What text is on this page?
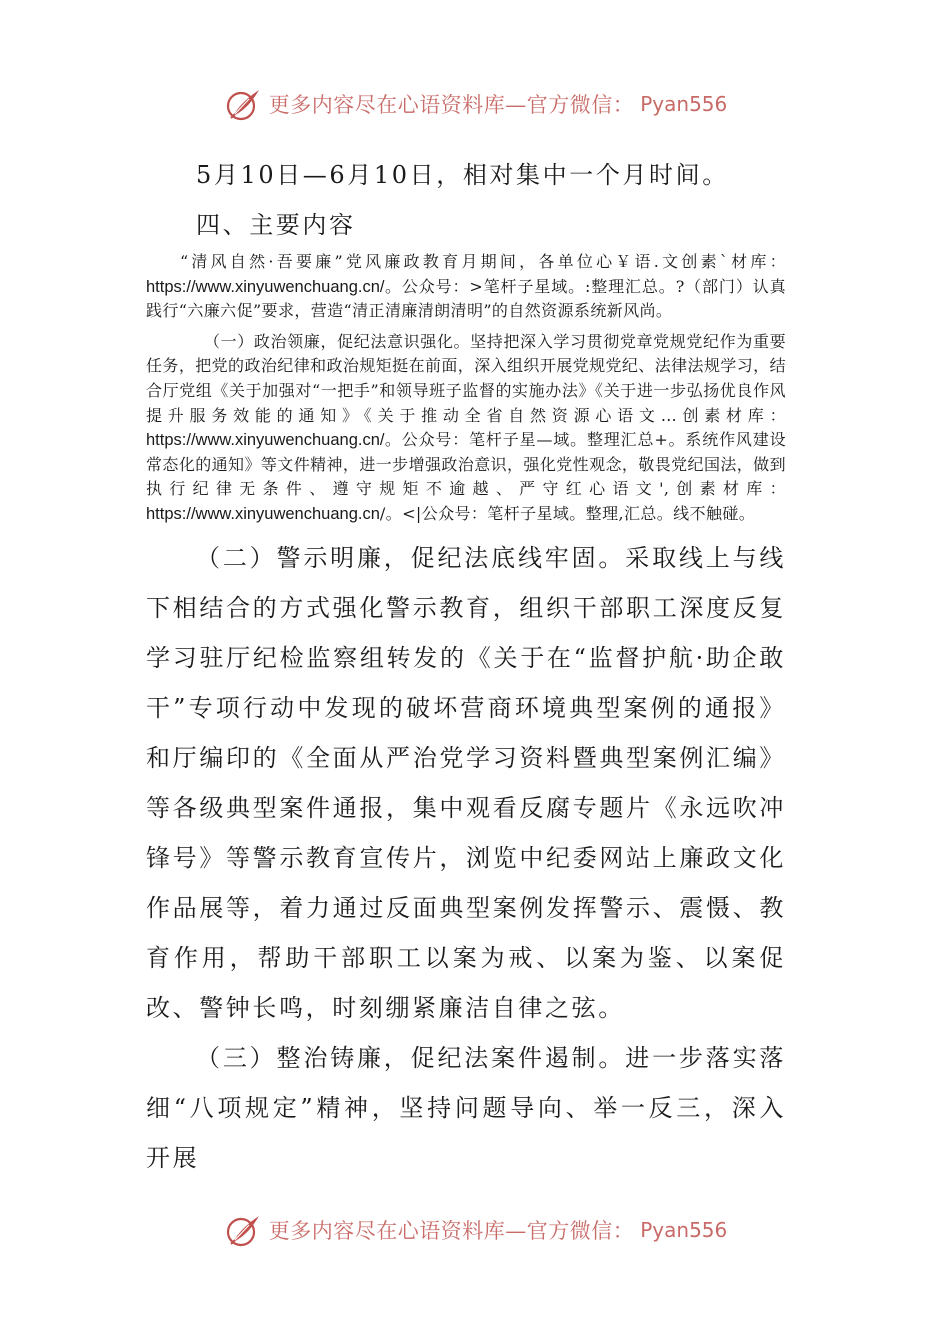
更多内容尽在心语资料库—官方微信： Pyan556

5月10日—6月10日，相对集中一个月时间。

四、主要内容

“清风自然·吾要廉”党风廉政教育月期间，各单位心￥语.文创素`材库：https://www.xinyuwenchuang.cn/。公众号：>笔杆子星域。:整理汇总。?（部门）认真践行“六廉六促”要求，营造“清正清廉清朗清明”的自然资源系统新风尚。

（一）政治领廉，促纪法意识强化。坚持把深入学习贯彻党章党规党纪作为重要任务，把党的政治纪律和政治规矩挺在前面，深入组织开展党规党纪、法律法规学习，结合厅党组《关于加强对“一把手”和领导班子监督的实施办法》《关于进一步弘扬优良作风提升服务效能的通知》《关于推动全省自然资源心语文…创素材库：https://www.xinyuwenchuang.cn/。公众号：笔杆子星—域。整理汇总+。系统作风建设常态化的通知》等文件精神，进一步增强政治意识，强化党性观念，敬畏党纪国法，做到执行纪律无条件、遵守规矩不逾越、严守红心语文',创素材库：https://www.xinyuwenchuang.cn/。<|公众号：笔杆子星域。整理,汇总。线不触碰。

（二）警示明廉，促纪法底线牢固。采取线上与线下相结合的方式强化警示教育，组织干部职工深度反复学习驻厅纪检监察组转发的《关于在“监督护航·助企敢干”专项行动中发现的破坏营商环境典型案例的通报》和厅编印的《全面从严治党学习资料暨典型案例汇编》等各级典型案件通报，集中观看反腐专题片《永远吹冲锋号》等警示教育宣传片，浏览中纪委网站上廉政文化作品展等，着力通过反面典型案例发挥警示、震慑、教育作用，帮助干部职工以案为戒、以案为鉴、以案促改、警钟长鸣，时刻绷紧廉洁自律之弦。

（三）整治铸廉，促纪法案件遏制。进一步落实落细“八项规定”精神，坚持问题导向、举一反三，深入开展

更多内容尽在心语资料库—官方微信： Pyan556
